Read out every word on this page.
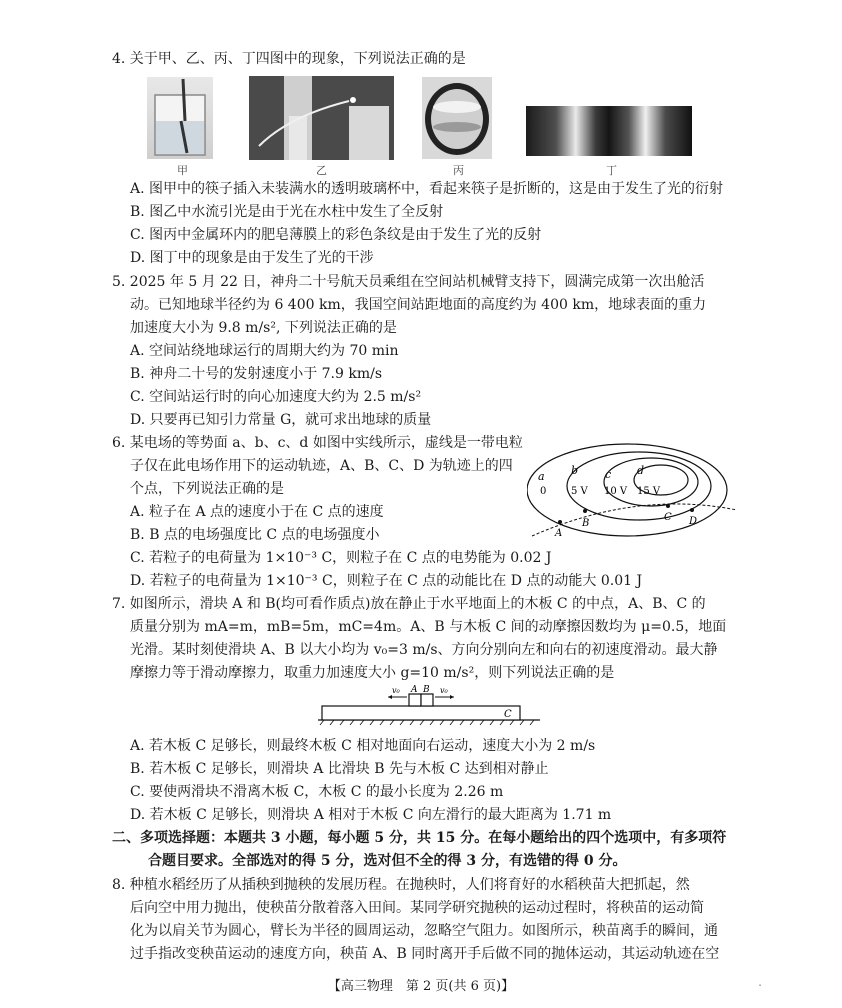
4. 关于甲、乙、丙、丁四图中的现象，下列说法正确的是
甲	乙	丙	丁
A. 图甲中的筷子插入未装满水的透明玻璃杯中，看起来筷子是折断的，这是由于发生了光的衍射
B. 图乙中水流引光是由于光在水柱中发生了全反射
C. 图丙中金属环内的肥皂薄膜上的彩色条纹是由于发生了光的反射
D. 图丁中的现象是由于发生了光的干涉
5. 2025 年 5 月 22 日，神舟二十号航天员乘组在空间站机械臂支持下，圆满完成第一次出舱活
动。已知地球半径约为 6 400 km，我国空间站距地面的高度约为 400 km，地球表面的重力
加速度大小为 9.8 m/s², 下列说法正确的是
A. 空间站绕地球运行的周期大约为 70 min
B. 神舟二十号的发射速度小于 7.9 km/s
C. 空间站运行时的向心加速度大约为 2.5 m/s²
D. 只要再已知引力常量 G，就可求出地球的质量
6. 某电场的等势面 a、b、c、d 如图中实线所示，虚线是一带电粒
子仅在此电场作用下的运动轨迹，A、B、C、D 为轨迹上的四
个点，下列说法正确的是
A. 粒子在 A 点的速度小于在 C 点的速度
B. B 点的电场强度比 C 点的电场强度小
C. 若粒子的电荷量为 1×10⁻³ C，则粒子在 C 点的电势能为 0.02 J
D. 若粒子的电荷量为 1×10⁻³ C，则粒子在 C 点的动能比在 D 点的动能大 0.01 J
a b c d
0 5 V 10 V 15 V
A
B
C D
7. 如图所示，滑块 A 和 B(均可看作质点)放在静止于水平地面上的木板 C 的中点，A、B、C 的
质量分别为 mA=m，mB=5m，mC=4m。A、B 与木板 C 间的动摩擦因数均为 μ=0.5，地面
光滑。某时刻使滑块 A、B 以大小均为 v₀=3 m/s、方向分别向左和向右的初速度滑动。最大静
摩擦力等于滑动摩擦力，取重力加速度大小 g=10 m/s²，则下列说法正确的是
A B
C
v₀	v₀
A. 若木板 C 足够长，则最终木板 C 相对地面向右运动，速度大小为 2 m/s
B. 若木板 C 足够长，则滑块 A 比滑块 B 先与木板 C 达到相对静止
C. 要使两滑块不滑离木板 C，木板 C 的最小长度为 2.26 m
D. 若木板 C 足够长，则滑块 A 相对于木板 C 向左滑行的最大距离为 1.71 m
二、多项选择题：本题共 3 小题，每小题 5 分，共 15 分。在每小题给出的四个选项中，有多项符
合题目要求。全部选对的得 5 分，选对但不全的得 3 分，有选错的得 0 分。
8. 种植水稻经历了从插秧到抛秧的发展历程。在抛秧时，人们将育好的水稻秧苗大把抓起，然
后向空中用力抛出，使秧苗分散着落入田间。某同学研究抛秧的运动过程时，将秧苗的运动简
化为以肩关节为圆心，臂长为半径的圆周运动，忽略空气阻力。如图所示，秧苗离手的瞬间，通
过手指改变秧苗运动的速度方向，秧苗 A、B 同时离开手后做不同的抛体运动，其运动轨迹在空
【高三物理　第 2 页(共 6 页)】	.
